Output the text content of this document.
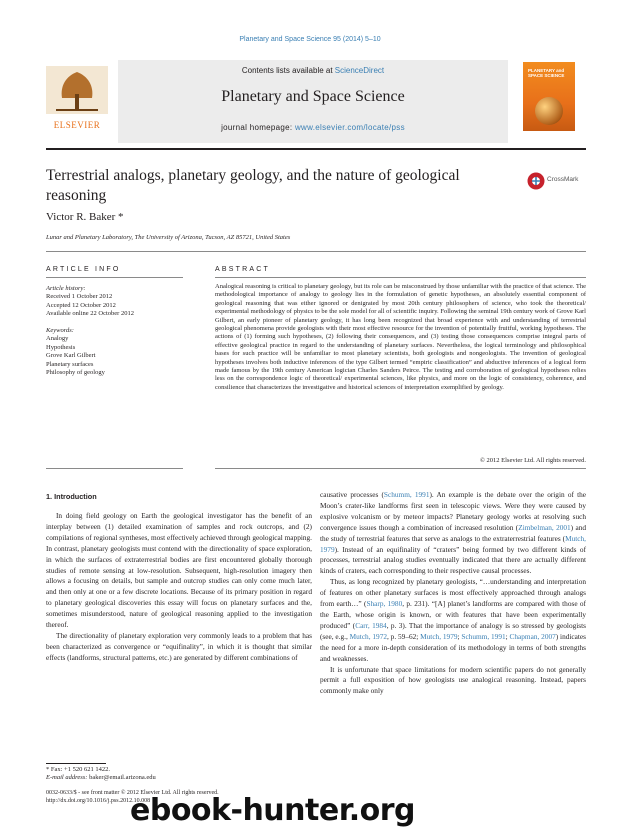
Planetary and Space Science 95 (2014) 5–10
ELSEVIER
Contents lists available at ScienceDirect
Planetary and Space Science
journal homepage: www.elsevier.com/locate/pss
PLANETARY and SPACE SCIENCE
Terrestrial analogs, planetary geology, and the nature of geological reasoning
CrossMark
Victor R. Baker *
Lunar and Planetary Laboratory, The University of Arizona, Tucson, AZ 85721, United States
ARTICLE INFO	ABSTRACT
Article history:
Received 1 October 2012
Accepted 12 October 2012
Available online 22 October 2012
Keywords:
Analogy
Hypothesis
Grove Karl Gilbert
Planetary surfaces
Philosophy of geology
Analogical reasoning is critical to planetary geology, but its role can be misconstrued by those unfamiliar with the practice of that science. The methodological importance of analogy to geology lies in the formulation of genetic hypotheses, an absolutely essential component of geological reasoning that was either ignored or denigrated by most 20th century philosophers of science, who took the theoretical/ experimental methodology of physics to be the sole model for all of scientific inquiry. Following the seminal 19th century work of Grove Karl Gilbert, an early pioneer of planetary geology, it has long been recognized that broad experience with and understanding of terrestrial geological phenomena provide geologists with their most effective resource for the invention of potentially fruitful, working hypotheses. The actions of (1) forming such hypotheses, (2) following their consequences, and (3) testing those consequences comprise integral parts of effective geological practice in regard to the understanding of planetary surfaces. Nevertheless, the logical terminology and philosophical bases for such practice will be unfamiliar to most planetary scientists, both geologists and nongeologists. The invention of geological hypotheses involves both inductive inferences of the type Gilbert termed “empiric classification” and abductive inferences of a logical form made famous by the 19th century American logician Charles Sanders Peirce. The testing and corroboration of geological hypotheses relies less on the correspondence logic of theoretical/ experimental sciences, like physics, and more on the logic of consistency, coherence, and consilience that characterizes the investigative and historical sciences of interpretation exemplified by geology.
© 2012 Elsevier Ltd. All rights reserved.
1. Introduction

In doing field geology on Earth the geological investigator has the benefit of an interplay between (1) detailed examination of samples and rock outcrops, and (2) compilations of regional syntheses, most effectively achieved through geological mapping. In contrast, planetary geologists must contend with the directionality of space exploration, in which the surfaces of extraterrestrial bodies are first encountered globally thorough studies of remote sensing at low-resolution. Subsequent, high-resolution imagery then allows a focusing on details, but sample and outcrop studies can only come much later, and then only at one or a few discrete locations. Because of its primary position in regard to planetary geological discoveries this essay will focus on planetary surfaces and the, sometimes misunderstood, nature of geological reasoning applied to the investigation thereof.

The directionality of planetary exploration very commonly leads to a problem that has been characterized as convergence or “equifinality”, in which it is thought that similar effects (landforms, structural patterns, etc.) are generated by different combinations of

causative processes (Schumm, 1991). An example is the debate over the origin of the Moon’s crater-like landforms first seen in telescopic views. Were they were caused by explosive volcanism or by meteor impacts? Planetary geology works at resolving such convergence issues though a combination of increased resolution (Zimbelman, 2001) and the study of terrestrial features that serve as analogs to the extraterrestrial features (Mutch, 1979). Instead of an equifinality of “craters” being formed by two different kinds of processes, terrestrial analog studies eventually indicated that there are actually different kinds of craters, each corresponding to their respective causal processes.

Thus, as long recognized by planetary geologists, “…understanding and interpretation of features on other planetary surfaces is most effectively approached through analogs from earth…” (Sharp, 1980, p. 231). “[A] planet’s landforms are compared with those of the Earth, whose origin is known, or with features that have been experimentally produced” (Carr, 1984, p. 3). That the importance of analogy is so stressed by geologists (see, e.g., Mutch, 1972, p. 59–62; Mutch, 1979; Schumm, 1991; Chapman, 2007) indicates the need for a more in-depth consideration of its methodology in terms of both strengths and weaknesses.

It is unfortunate that space limitations for modern scientific papers do not generally permit a full exposition of how geologists use analogical reasoning. Instead, papers commonly make only

* Fax: +1 520 621 1422.
E-mail address: baker@email.arizona.edu
0032-0633/$ - see front matter © 2012 Elsevier Ltd. All rights reserved.
http://dx.doi.org/10.1016/j.pss.2012.10.008
ebook-hunter.org
